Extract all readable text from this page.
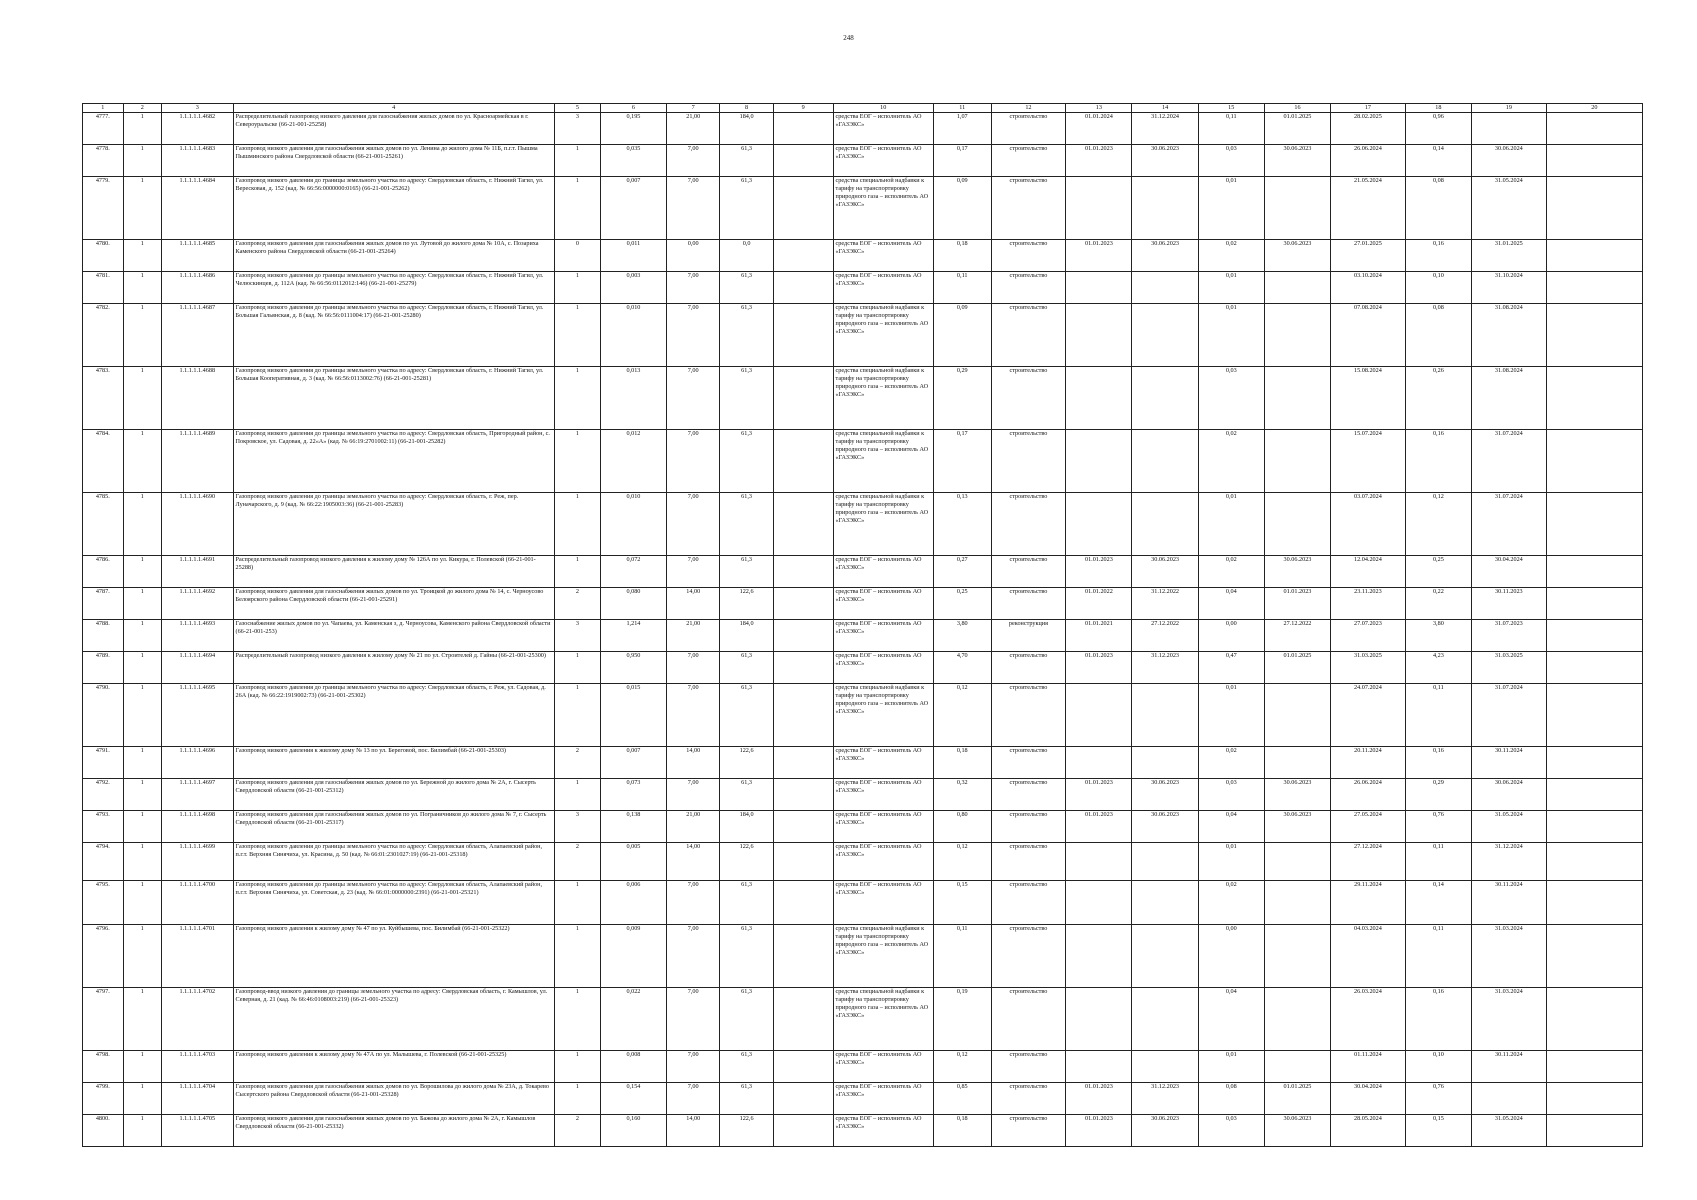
248
1	2	3	4	5	6	7	8	9	10	11	12	13	14	15	16	17	18	19	20
4777.	1	1.1.1.1.1.4682	Распределительный газопровод низкого давления для газоснабжения жилых домов по ул. Красноармейская в г. Североуральске (66-21-001-25258)	3	0,195	21,00	184,0		средства ЕОГ – исполнитель АО «ГАЗЭКС»	1,07	строительство	01.01.2024	31.12.2024	0,11	01.01.2025	28.02.2025	0,96		
4778.	1	1.1.1.1.1.4683	Газопровод низкого давления для газоснабжения жилых домов по ул. Ленина до жилого дома № 11Б, п.г.т. Пышма Пышминского района Свердловской области (66-21-001-25261)	1	0,035	7,00	61,3		средства ЕОГ – исполнитель АО «ГАЗЭКС»	0,17	строительство	01.01.2023	30.06.2023	0,03	30.06.2023	26.06.2024	0,14	30.06.2024	
4779.	1	1.1.1.1.1.4684	Газопровод низкого давления до границы земельного участка по адресу: Свердловская область, г. Нижний Тагил, ул. Вересковая, д. 152 (кад. № 66:56:0000000:0165) (66-21-001-25262)	1	0,007	7,00	61,3		средства специальной надбавки к тарифу на транспортировку природного газа – исполнитель АО «ГАЗЭКС»	0,09	строительство			0,01		21.05.2024	0,08	31.05.2024	
4780.	1	1.1.1.1.1.4685	Газопровод низкого давления для газоснабжения жилых домов по ул. Лутовой до жилого дома № 10А, с. Позариха Каменского района Свердловской области (66-21-001-25264)	0	0,011	0,00	0,0		средства ЕОГ – исполнитель АО «ГАЗЭКС»	0,18	строительство	01.01.2023	30.06.2023	0,02	30.06.2023	27.01.2025	0,16	31.01.2025	
4781.	1	1.1.1.1.1.4686	Газопровод низкого давления до границы земельного участка по адресу: Свердловская область, г. Нижний Тагил, ул. Челюскинцев, д. 112А (кад. № 66:56:0112012:146) (66-21-001-25279)	1	0,003	7,00	61,3		средства ЕОГ – исполнитель АО «ГАЗЭКС»	0,11	строительство			0,01		03.10.2024	0,10	31.10.2024	
4782.	1	1.1.1.1.1.4687	Газопровод низкого давления до границы земельного участка по адресу: Свердловская область, г. Нижний Тагил, ул. Большая Гальянская, д. 8 (кад. № 66:56:0111004:17) (66-21-001-25280)	1	0,010	7,00	61,3		средства специальной надбавки к тарифу на транспортировку природного газа – исполнитель АО «ГАЗЭКС»	0,09	строительство			0,01		07.08.2024	0,08	31.08.2024	
4783.	1	1.1.1.1.1.4688	Газопровод низкого давления до границы земельного участка по адресу: Свердловская область, г. Нижний Тагил, ул. Большая Кооперативная, д. 3 (кад. № 66:56:0113002:76) (66-21-001-25281)	1	0,013	7,00	61,3		средства специальной надбавки к тарифу на транспортировку природного газа – исполнитель АО «ГАЗЭКС»	0,29	строительство			0,03		15.08.2024	0,26	31.08.2024	
4784.	1	1.1.1.1.1.4689	Газопровод низкого давления до границы земельного участка по адресу: Свердловская область, Пригородный район, с. Покровское, ул. Садовая, д. 22«А» (кад. № 66:19:2701002:11) (66-21-001-25282)	1	0,012	7,00	61,3		средства специальной надбавки к тарифу на транспортировку природного газа – исполнитель АО «ГАЗЭКС»	0,17	строительство			0,02		15.07.2024	0,16	31.07.2024	
4785.	1	1.1.1.1.1.4690	Газопровод низкого давления до границы земельного участка по адресу: Свердловская область, г. Реж, пер. Луначарского, д. 9 (кад. № 66:22:1905003:36) (66-21-001-25283)	1	0,010	7,00	61,3		средства специальной надбавки к тарифу на транспортировку природного газа – исполнитель АО «ГАЗЭКС»	0,13	строительство			0,01		03.07.2024	0,12	31.07.2024	
4786.	1	1.1.1.1.1.4691	Распределительный газопровод низкого давления к жилому дому № 126А по ул. Кикура, г. Полевской (66-21-001-25288)	1	0,072	7,00	61,3		средства ЕОГ – исполнитель АО «ГАЗЭКС»	0,27	строительство	01.01.2023	30.06.2023	0,02	30.06.2023	12.04.2024	0,25	30.04.2024	
4787.	1	1.1.1.1.1.4692	Газопровод низкого давления для газоснабжения жилых домов по ул. Троицкой до жилого дома № 14, с. Черноусово Белоярского района Свердловской области (66-21-001-25291)	2	0,080	14,00	122,6		средства ЕОГ – исполнитель АО «ГАЗЭКС»	0,25	строительство	01.01.2022	31.12.2022	0,04	01.01.2023	23.11.2023	0,22	30.11.2023	
4788.	1	1.1.1.1.1.4693	Газоснабжение жилых домов по ул. Чапаева, ул. Каменская з, д. Черноусова, Каменского района Свердловской области (66-21-001-253)	3	1,214	21,00	184,0		средства ЕОГ – исполнитель АО «ГАЗЭКС»	3,80	реконструкция	01.01.2021	27.12.2022	0,00	27.12.2022	27.07.2023	3,80	31.07.2023	
4789.	1	1.1.1.1.1.4694	Распределительный газопровод низкого давления к жилому дому № 21 по ул. Строителей д. Гайны (66-21-001-25300)	1	0,950	7,00	61,3		средства ЕОГ – исполнитель АО «ГАЗЭКС»	4,70	строительство	01.01.2023	31.12.2023	0,47	01.01.2025	31.03.2025	4,23	31.03.2025	
4790.	1	1.1.1.1.1.4695	Газопровод низкого давления до границы земельного участка по адресу: Свердловская область, г. Реж, ул. Садовая, д. 26А (кад. № 66:22:1919002:73) (66-21-001-25302)	1	0,015	7,00	61,3		средства специальной надбавки к тарифу на транспортировку природного газа – исполнитель АО «ГАЗЭКС»	0,12	строительство			0,01		24.07.2024	0,11	31.07.2024	
4791.	1	1.1.1.1.1.4696	Газопровод низкого давления к жилому дому № 13 по ул. Береговой, пос. Билимбай (66-21-001-25303)	2	0,007	14,00	122,6		средства ЕОГ – исполнитель АО «ГАЗЭКС»	0,18	строительство			0,02		20.11.2024	0,16	30.11.2024	
4792.	1	1.1.1.1.1.4697	Газопровод низкого давления для газоснабжения жилых домов по ул. Бережной до жилого дома № 2А, г. Сысерть Свердловской области (66-21-001-25312)	1	0,073	7,00	61,3		средства ЕОГ – исполнитель АО «ГАЗЭКС»	0,32	строительство	01.01.2023	30.06.2023	0,03	30.06.2023	26.06.2024	0,29	30.06.2024	
4793.	1	1.1.1.1.1.4698	Газопровод низкого давления для газоснабжения жилых домов по ул. Пограничников до жилого дома № 7, г. Сысерть Свердловской области (66-21-001-25317)	3	0,138	21,00	184,0		средства ЕОГ – исполнитель АО «ГАЗЭКС»	0,80	строительство	01.01.2023	30.06.2023	0,04	30.06.2023	27.05.2024	0,76	31.05.2024	
4794.	1	1.1.1.1.1.4699	Газопровод низкого давления до границы земельного участка по адресу: Свердловская область, Алапаевский район, п.г.т. Верхняя Синячиха, ул. Красина, д. 50 (кад. № 66:01:2301027:19) (66-21-001-25318)	2	0,005	14,00	122,6		средства ЕОГ – исполнитель АО «ГАЗЭКС»	0,12	строительство			0,01		27.12.2024	0,11	31.12.2024	
4795.	1	1.1.1.1.1.4700	Газопровод низкого давления до границы земельного участка по адресу: Свердловская область, Алапаевский район, п.г.т. Верхняя Синячиха, ул. Советская, д. 23 (кад. № 66:01:0000000:2391) (66-21-001-25321)	1	0,006	7,00	61,3		средства ЕОГ – исполнитель АО «ГАЗЭКС»	0,15	строительство			0,02		29.11.2024	0,14	30.11.2024	
4796.	1	1.1.1.1.1.4701	Газопровод низкого давления к жилому дому № 47 по ул. Куйбышева, пос. Билимбай (66-21-001-25322)	1	0,009	7,00	61,3		средства специальной надбавки к тарифу на транспортировку природного газа – исполнитель АО «ГАЗЭКС»	0,11	строительство			0,00		04.03.2024	0,11	31.03.2024	
4797.	1	1.1.1.1.1.4702	Газопровод-ввод низкого давления до границы земельного участка по адресу: Свердловская область, г. Камышлов, ул. Северная, д. 21 (кад. № 66:46:0108003:219) (66-21-001-25323)	1	0,022	7,00	61,3		средства специальной надбавки к тарифу на транспортировку природного газа – исполнитель АО «ГАЗЭКС»	0,19	строительство			0,04		26.03.2024	0,16	31.03.2024	
4798.	1	1.1.1.1.1.4703	Газопровод низкого давления к жилому дому № 47А по ул. Малышева, г. Полевской (66-21-001-25325)	1	0,008	7,00	61,3		средства ЕОГ – исполнитель АО «ГАЗЭКС»	0,12	строительство			0,01		01.11.2024	0,10	30.11.2024	
4799.	1	1.1.1.1.1.4704	Газопровод низкого давления для газоснабжения жилых домов по ул. Ворошилова до жилого дома № 23А, д. Токарево Сысертского района Свердловской области (66-21-001-25328)	1	0,154	7,00	61,3		средства ЕОГ – исполнитель АО «ГАЗЭКС»	0,85	строительство	01.01.2023	31.12.2023	0,08	01.01.2025	30.04.2024	0,76		
4800.	1	1.1.1.1.1.4705	Газопровод низкого давления для газоснабжения жилых домов по ул. Бажова до жилого дома № 2А, г. Камышлов Свердловской области (66-21-001-25332)	2	0,160	14,00	122,6		средства ЕОГ – исполнитель АО «ГАЗЭКС»	0,18	строительство	01.01.2023	30.06.2023	0,03	30.06.2023	28.05.2024	0,15	31.05.2024	
